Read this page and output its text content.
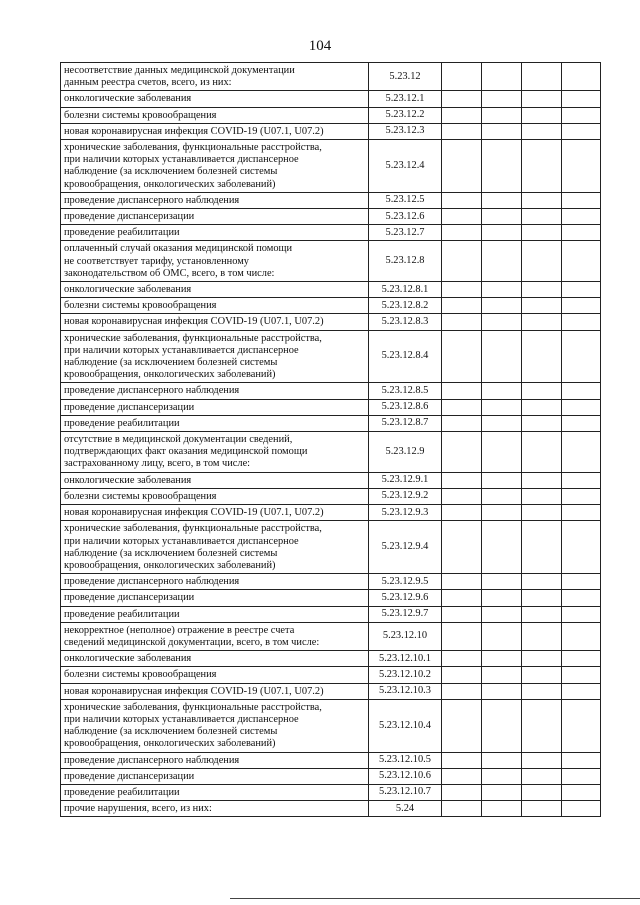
104
несоответствие данных медицинской документации
данным реестра счетов, всего, из них:	5.23.12				

онкологические заболевания	5.23.12.1				

болезни системы кровообращения	5.23.12.2				

новая коронавирусная инфекция COVID-19 (U07.1, U07.2)	5.23.12.3				

хронические заболевания, функциональные расстройства,
при наличии которых устанавливается диспансерное
наблюдение (за исключением болезней системы
кровообращения, онкологических заболеваний)	5.23.12.4				

проведение диспансерного наблюдения	5.23.12.5				

проведение диспансеризации	5.23.12.6				

проведение реабилитации	5.23.12.7				

оплаченный случай оказания медицинской помощи
не соответствует тарифу, установленному
законодательством об ОМС, всего, в том числе:	5.23.12.8				

онкологические заболевания	5.23.12.8.1				

болезни системы кровообращения	5.23.12.8.2				

новая коронавирусная инфекция COVID-19 (U07.1, U07.2)	5.23.12.8.3				

хронические заболевания, функциональные расстройства,
при наличии которых устанавливается диспансерное
наблюдение (за исключением болезней системы
кровообращения, онкологических заболеваний)	5.23.12.8.4				

проведение диспансерного наблюдения	5.23.12.8.5				

проведение диспансеризации	5.23.12.8.6				

проведение реабилитации	5.23.12.8.7				

отсутствие в медицинской документации сведений,
подтверждающих факт оказания медицинской помощи
застрахованному лицу, всего, в том числе:	5.23.12.9				

онкологические заболевания	5.23.12.9.1				

болезни системы кровообращения	5.23.12.9.2				

новая коронавирусная инфекция COVID-19 (U07.1, U07.2)	5.23.12.9.3				

хронические заболевания, функциональные расстройства,
при наличии которых устанавливается диспансерное
наблюдение (за исключением болезней системы
кровообращения, онкологических заболеваний)	5.23.12.9.4				

проведение диспансерного наблюдения	5.23.12.9.5				

проведение диспансеризации	5.23.12.9.6				

проведение реабилитации	5.23.12.9.7				

некорректное (неполное) отражение в реестре счета
сведений медицинской документации, всего, в том числе:	5.23.12.10				

онкологические заболевания	5.23.12.10.1				

болезни системы кровообращения	5.23.12.10.2				

новая коронавирусная инфекция COVID-19 (U07.1, U07.2)	5.23.12.10.3				

хронические заболевания, функциональные расстройства,
при наличии которых устанавливается диспансерное
наблюдение (за исключением болезней системы
кровообращения, онкологических заболеваний)	5.23.12.10.4				

проведение диспансерного наблюдения	5.23.12.10.5				

проведение диспансеризации	5.23.12.10.6				

проведение реабилитации	5.23.12.10.7				

прочие нарушения, всего, из них:	5.24				
